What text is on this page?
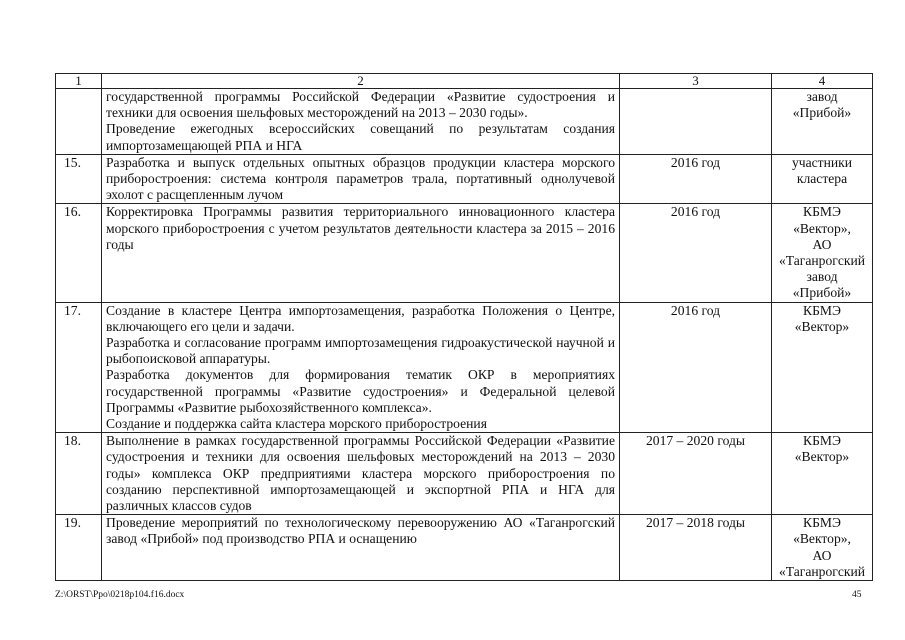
1	2	3	4

	государственной программы Российской Федерации «Развитие судостроения и техники для освоения шельфовых месторождений на 2013 – 2030 годы».

Проведение ежегодных всероссийских совещаний по результатам создания импортозамещающей РПА и НГА		завод «Прибой»

15.	Разработка и выпуск отдельных опытных образцов продукции кластера морского приборостроения: система контроля параметров трала, портативный однолучевой эхолот с расщепленным лучом	2016 год	участники кластера

16.	Корректировка Программы развития территориального инновационного кластера морского приборостроения с учетом результатов деятельности кластера за 2015 – 2016 годы	2016 год	КБМЭ «Вектор»,
АО «Таганрогский
завод «Прибой»

17.	Создание в кластере Центра импортозамещения, разработка Положения о Центре, включающего его цели и задачи.

Разработка и согласование программ импортозамещения гидроакустической научной и рыбопоисковой аппаратуры.

Разработка документов для формирования тематик ОКР в мероприятиях государственной программы «Развитие судостроения» и Федеральной целевой Программы «Развитие рыбохозяйственного комплекса».

Создание и поддержка сайта кластера морского приборостроения	2016 год	КБМЭ «Вектор»

18.	Выполнение в рамках государственной программы Российской Федерации «Развитие судостроения и техники для освоения шельфовых месторождений на 2013 – 2030 годы» комплекса ОКР предприятиями кластера морского приборостроения по созданию перспективной импортозамещающей и экспортной РПА и НГА для различных классов судов	2017 – 2020 годы	КБМЭ «Вектор»

19.	Проведение мероприятий по технологическому перевооружению АО «Таганрогский завод «Прибой» под производство РПА и оснащению	2017 – 2018 годы	КБМЭ «Вектор»,
АО «Таганрогский
Z:\ORST\Ppo\0218p104.f16.docx	45
